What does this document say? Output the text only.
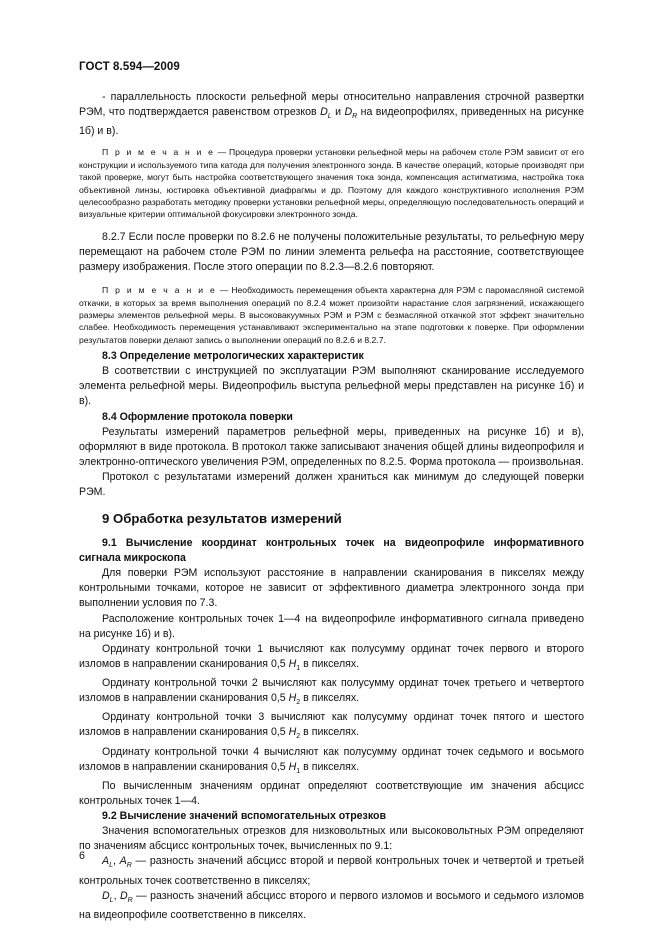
ГОСТ 8.594—2009

- параллельность плоскости рельефной меры относительно направления строчной развертки РЭМ, что подтверждается равенством отрезков $D_L$ и $D_R$ на видеопрофилях, приведенных на рисунке 1б) и в).

П р и м е ч а н и е — Процедура проверки установки рельефной меры на рабочем столе РЭМ зависит от его конструкции и используемого типа катода для получения электронного зонда. В качестве операций, которые производят при такой проверке, могут быть настройка соответствующего значения тока зонда, компенсация астигматизма, настройка тока объективной линзы, юстировка объективной диафрагмы и др. Поэтому для каждого конструктивного исполнения РЭМ целесообразно разработать методику проверки установки рельефной меры, определяющую последовательность операций и визуальные критерии оптимальной фокусировки электронного зонда.

8.2.7 Если после проверки по 8.2.6 не получены положительные результаты, то рельефную меру перемещают на рабочем столе РЭМ по линии элемента рельефа на расстояние, соответствующее размеру изображения. После этого операции по 8.2.3—8.2.6 повторяют.

П р и м е ч а н и е — Необходимость перемещения объекта характерна для РЭМ с паромасляной системой откачки, в которых за время выполнения операций по 8.2.4 может произойти нарастание слоя загрязнений, искажающего размеры элементов рельефной меры. В высоковакуумных РЭМ и РЭМ с безмасляной откачкой этот эффект значительно слабее. Необходимость перемещения устанавливают экспериментально на этапе подготовки к поверке. При оформлении результатов поверки делают запись о выполнении операций по 8.2.6 и 8.2.7.

8.3 Определение метрологических характеристик

В соответствии с инструкцией по эксплуатации РЭМ выполняют сканирование исследуемого элемента рельефной меры. Видеопрофиль выступа рельефной меры представлен на рисунке 1б) и в).

8.4 Оформление протокола поверки

Результаты измерений параметров рельефной меры, приведенных на рисунке 1б) и в), оформляют в виде протокола. В протокол также записывают значения общей длины видеопрофиля и электронно-оптического увеличения РЭМ, определенных по 8.2.5. Форма протокола — произвольная.

Протокол с результатами измерений должен храниться как минимум до следующей поверки РЭМ.

9 Обработка результатов измерений

9.1 Вычисление координат контрольных точек на видеопрофиле информативного сигнала микроскопа

Для поверки РЭМ используют расстояние в направлении сканирования в пикселях между контрольными точками, которое не зависит от эффективного диаметра электронного зонда при выполнении условия по 7.3.

Расположение контрольных точек 1—4 на видеопрофиле информативного сигнала приведено на рисунке 1б) и в).

Ординату контрольной точки 1 вычисляют как полусумму ординат точек первого и второго изломов в направлении сканирования 0,5 $H_1$ в пикселях.

Ординату контрольной точки 2 вычисляют как полусумму ординат точек третьего и четвертого изломов в направлении сканирования 0,5 $H_2$ в пикселях.

Ординату контрольной точки 3 вычисляют как полусумму ординат точек пятого и шестого изломов в направлении сканирования 0,5 $H_2$ в пикселях.

Ординату контрольной точки 4 вычисляют как полусумму ординат точек седьмого и восьмого изломов в направлении сканирования 0,5 $H_1$ в пикселях.

По вычисленным значениям ординат определяют соответствующие им значения абсцисс контрольных точек 1—4.

9.2 Вычисление значений вспомогательных отрезков

Значения вспомогательных отрезков для низковольтных или высоковольтных РЭМ определяют по значениям абсцисс контрольных точек, вычисленных по 9.1:

$A_L$, $A_R$ — разность значений абсцисс второй и первой контрольных точек и четвертой и третьей контрольных точек соответственно в пикселях;

$D_L$, $D_R$ — разность значений абсцисс второго и первого изломов и восьмого и седьмого изломов на видеопрофиле соответственно в пикселях.

6
